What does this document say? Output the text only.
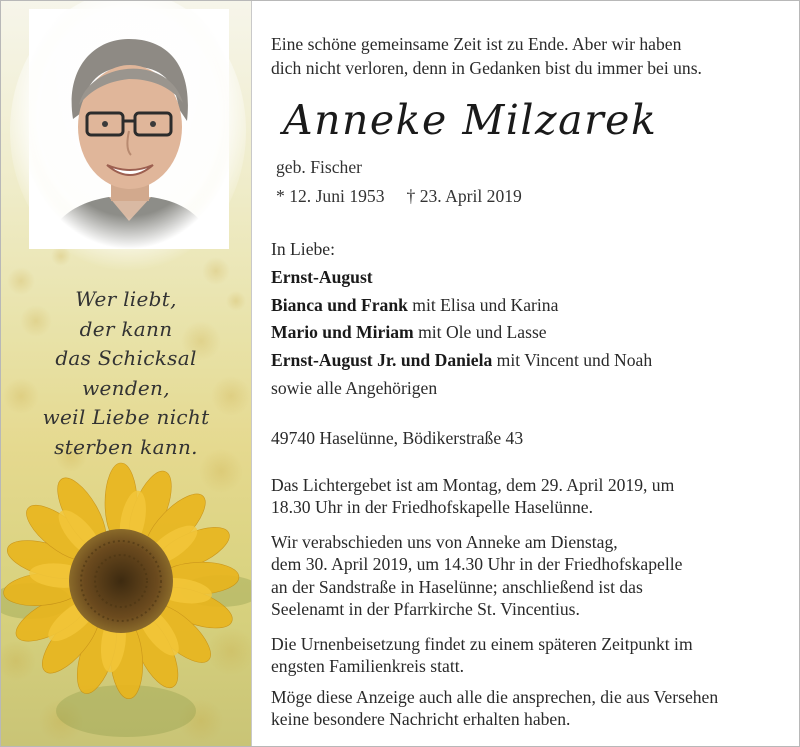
Wer liebt,
der kann
das Schicksal
wenden,
weil Liebe nicht
sterben kann.
Eine schöne gemeinsame Zeit ist zu Ende. Aber wir haben
dich nicht verloren, denn in Gedanken bist du immer bei uns.
Anneke Milzarek
geb. Fischer
* 12. Juni 1953 † 23. April 2019
In Liebe:
Ernst-August
Bianca und Frank mit Elisa und Karina
Mario und Miriam mit Ole und Lasse
Ernst-August Jr. und Daniela mit Vincent und Noah
sowie alle Angehörigen
49740 Haselünne, Bödikerstraße 43
Das Lichtergebet ist am Montag, dem 29. April 2019, um
18.30 Uhr in der Friedhofskapelle Haselünne.
Wir verabschieden uns von Anneke am Dienstag,
dem 30. April 2019, um 14.30 Uhr in der Friedhofskapelle
an der Sandstraße in Haselünne; anschließend ist das
Seelenamt in der Pfarrkirche St. Vincentius.
Die Urnenbeisetzung findet zu einem späteren Zeitpunkt im
engsten Familienkreis statt.
Möge diese Anzeige auch alle die ansprechen, die aus Versehen
keine besondere Nachricht erhalten haben.
